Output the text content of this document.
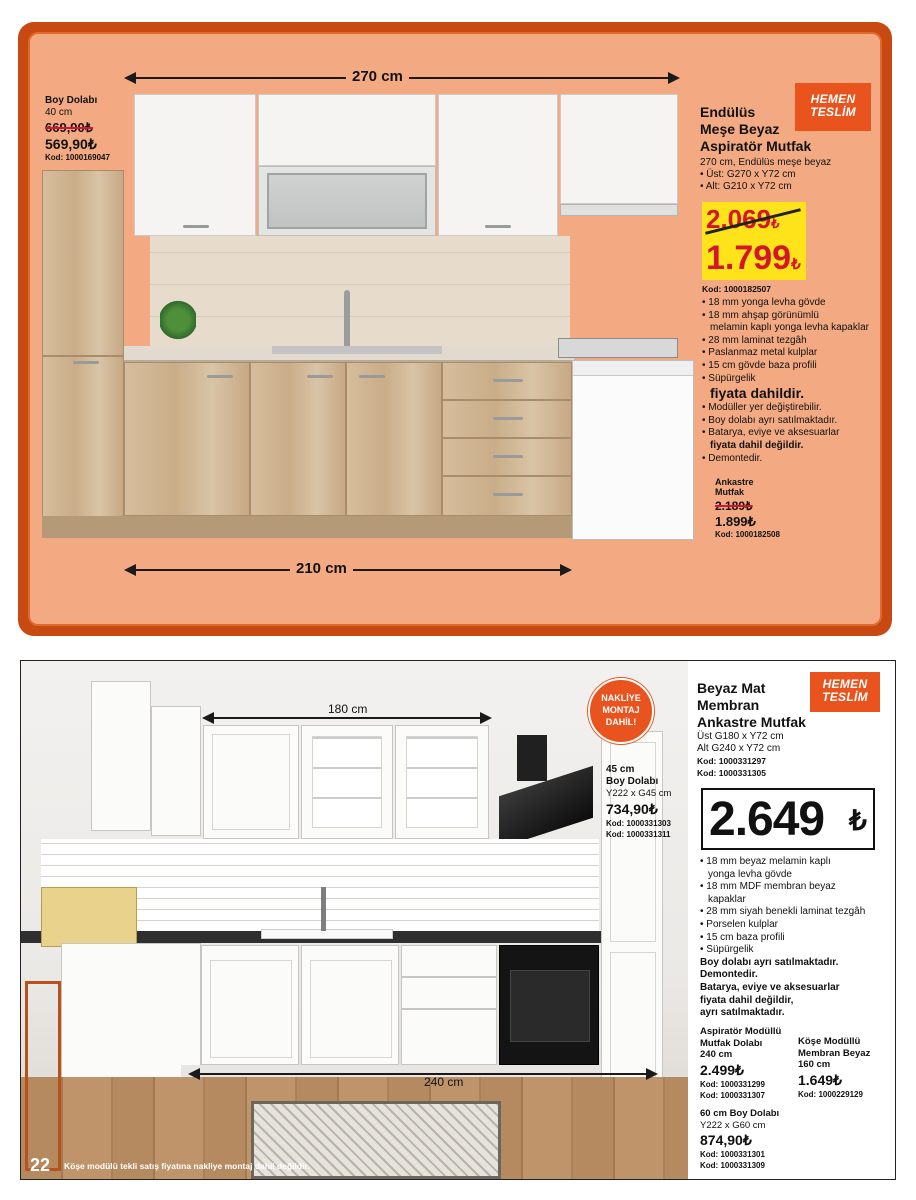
270 cm
210 cm
Boy Dolabı
40 cm
669,90₺
569,90₺
Kod: 1000169047
HEMEN
TESLİM
Endülüs
Meşe Beyaz
Aspiratör Mutfak
270 cm, Endülüs meşe beyaz
• Üst: G270 x Y72 cm
• Alt: G210 x Y72 cm
2.069₺
1.799₺
Kod: 1000182507
• 18 mm yonga levha gövde
• 18 mm ahşap görünümlü
melamin kaplı yonga levha kapaklar
• 28 mm laminat tezgâh
• Paslanmaz metal kulplar
• 15 cm gövde baza profili
• Süpürgelik
fiyata dahildir.
• Modüller yer değiştirebilir.
• Boy dolabı ayrı satılmaktadır.
• Batarya, eviye ve aksesuarlar
fiyata dahil değildir.
• Demontedir.
Ankastre
Mutfak
2.189₺
1.899₺
Kod: 1000182508
180 cm
240 cm
NAKLİYE
MONTAJ
DAHİL!
45 cm
Boy Dolabı
Y222 x G45 cm
734,90₺
Kod: 1000331303
Kod: 1000331311
HEMEN
TESLİM
Beyaz Mat
Membran
Ankastre Mutfak
Üst G180 x Y72 cm
Alt G240 x Y72 cm
Kod: 1000331297
Kod: 1000331305
2.649 ₺
• 18 mm beyaz melamin kaplı
yonga levha gövde
• 18 mm MDF membran beyaz
kapaklar
• 28 mm siyah benekli laminat tezgâh
• Porselen kulplar
• 15 cm baza profili
• Süpürgelik
Boy dolabı ayrı satılmaktadır.
Demontedir.
Batarya, eviye ve aksesuarlar
fiyata dahil değildir,
ayrı satılmaktadır.
Aspiratör Modüllü
Mutfak Dolabı
240 cm
2.499₺
Kod: 1000331299
Kod: 1000331307
Köşe Modüllü
Membran Beyaz
160 cm
1.649₺
Kod: 1000229129
60 cm Boy Dolabı
Y222 x G60 cm
874,90₺
Kod: 1000331301
Kod: 1000331309
22 Köşe modülü tekli satış fiyatına nakliye montaj dahil değildir.
